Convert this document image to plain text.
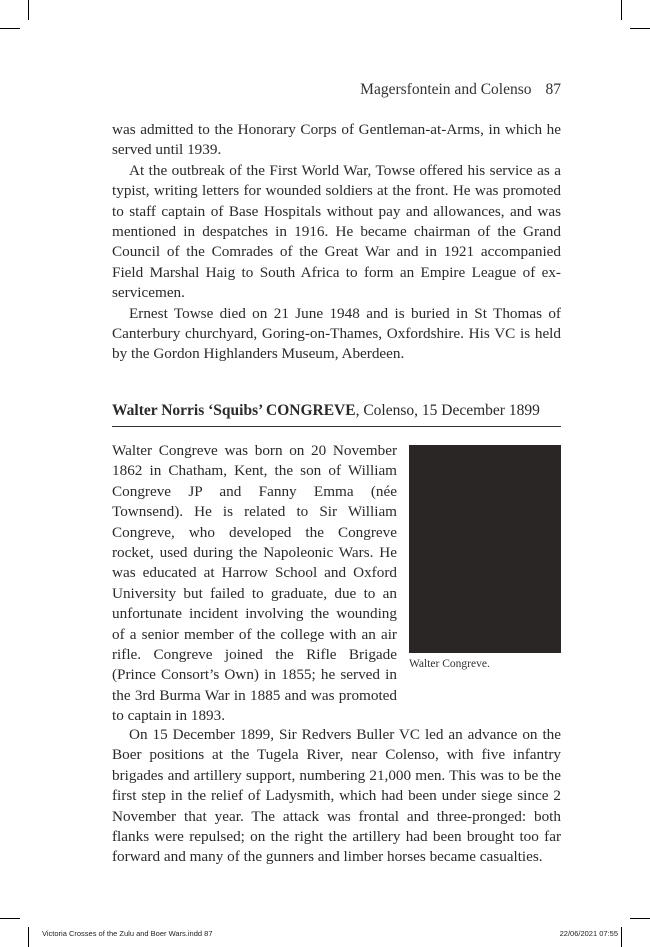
Magersfontein and Colenso 87

was admitted to the Honorary Corps of Gentleman-at-Arms, in which he served until 1939.

At the outbreak of the First World War, Towse offered his service as a typist, writing letters for wounded soldiers at the front. He was promoted to staff captain of Base Hospitals without pay and allowances, and was mentioned in despatches in 1916. He became chairman of the Grand Council of the Comrades of the Great War and in 1921 accompanied Field Marshal Haig to South Africa to form an Empire League of ex-servicemen.

Ernest Towse died on 21 June 1948 and is buried in St Thomas of Canterbury churchyard, Goring-on-Thames, Oxfordshire. His VC is held by the Gordon Highlanders Museum, Aberdeen.

Walter Norris ‘Squibs’ CONGREVE, Colenso, 15 December 1899

Walter Congreve was born on 20 November 1862 in Chatham, Kent, the son of William Congreve JP and Fanny Emma (née Townsend). He is related to Sir William Congreve, who developed the Congreve rocket, used during the Napoleonic Wars. He was educated at Harrow School and Oxford University but failed to graduate, due to an unfortunate incident involving the wounding of a senior member of the college with an air rifle. Congreve joined the Rifle Brigade (Prince Consort’s Own) in 1855; he served in the 3rd Burma War in 1885 and was promoted to captain in 1893.

Walter Congreve.

On 15 December 1899, Sir Redvers Buller VC led an advance on the Boer positions at the Tugela River, near Colenso, with five infantry brigades and artillery support, numbering 21,000 men. This was to be the first step in the relief of Ladysmith, which had been under siege since 2 November that year. The attack was frontal and three-pronged: both flanks were repulsed; on the right the artillery had been brought too far forward and many of the gunners and limber horses became casualties.

Victoria Crosses of the Zulu and Boer Wars.indd 87	22/06/2021 07:55
